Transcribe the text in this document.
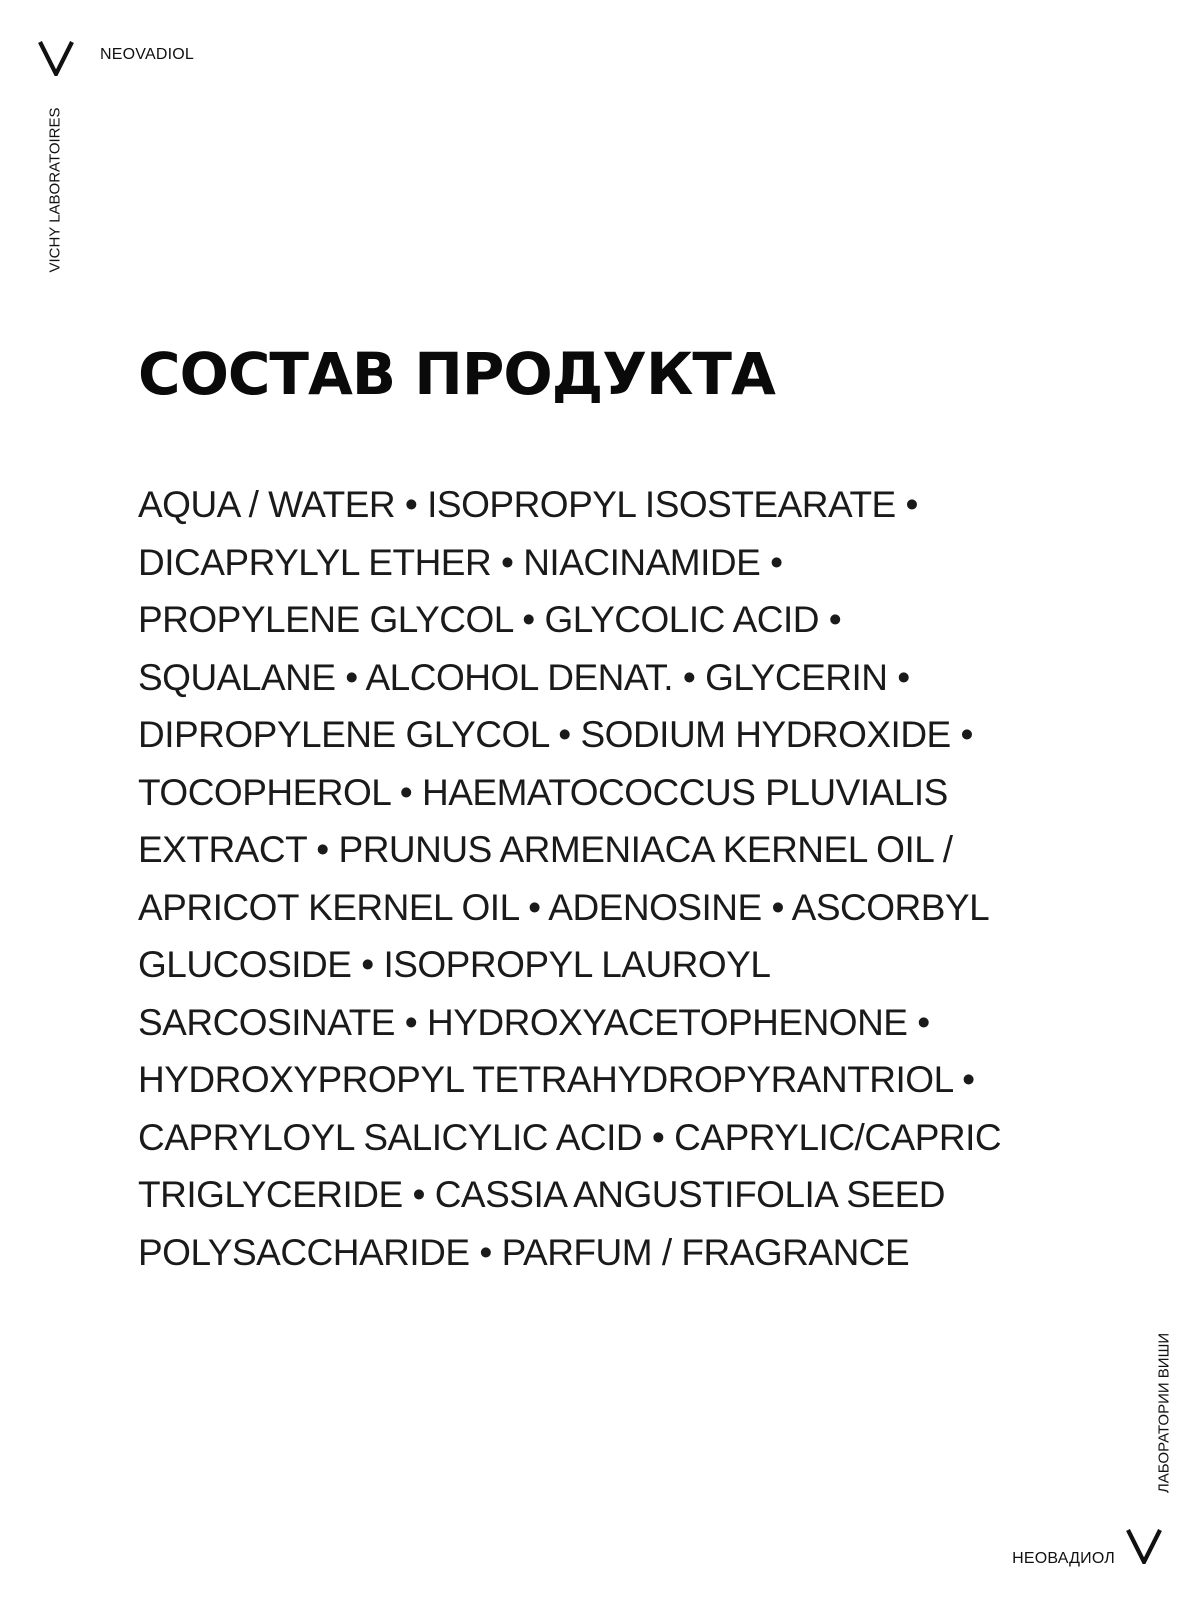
NEOVADIOL
VICHY LABORATOIRES
СОСТАВ ПРОДУКТА
AQUA / WATER • ISOPROPYL ISOSTEARATE •
DICAPRYLYL ETHER • NIACINAMIDE •
PROPYLENE GLYCOL • GLYCOLIC ACID •
SQUALANE • ALCOHOL DENAT. • GLYCERIN •
DIPROPYLENE GLYCOL • SODIUM HYDROXIDE •
TOCOPHEROL • HAEMATOCOCCUS PLUVIALIS
EXTRACT • PRUNUS ARMENIACA KERNEL OIL /
APRICOT KERNEL OIL • ADENOSINE • ASCORBYL
GLUCOSIDE • ISOPROPYL LAUROYL
SARCOSINATE • HYDROXYACETOPHENONE •
HYDROXYPROPYL TETRAHYDROPYRANTRIOL •
CAPRYLOYL SALICYLIC ACID • CAPRYLIC/CAPRIC
TRIGLYCERIDE • CASSIA ANGUSTIFOLIA SEED
POLYSACCHARIDE • PARFUM / FRAGRANCE
ЛАБОРАТОРИИ ВИШИ
НЕОВАДИОЛ
